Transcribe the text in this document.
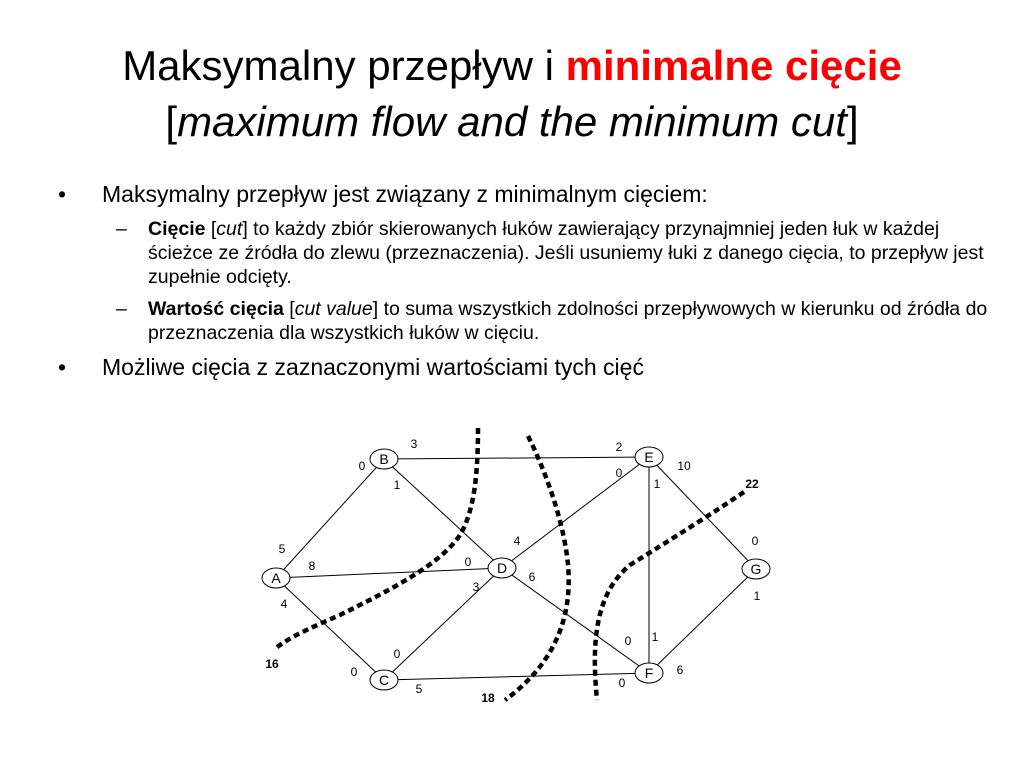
Maksymalny przepływ i minimalne cięcie
[maximum flow and the minimum cut]
• Maksymalny przepływ jest związany z minimalnym cięciem:
– Cięcie [cut] to każdy zbiór skierowanych łuków zawierający przynajmniej jeden łuk w każdej ścieżce ze źródła do zlewu (przeznaczenia). Jeśli usuniemy łuki z danego cięcia, to przepływ jest zupełnie odcięty.
– Wartość cięcia [cut value] to suma wszystkich zdolności przepływowych w kierunku od źródła do przeznaczenia dla wszystkich łuków w cięciu.
• Możliwe cięcia z zaznaczonymi wartościami tych cięć
B	E
A
D	G
C	F
5
0
8	0
4
0
3	2
1
3
0
5	0
4
0
6
0
1
1
10
0
6
1
16
18
22
